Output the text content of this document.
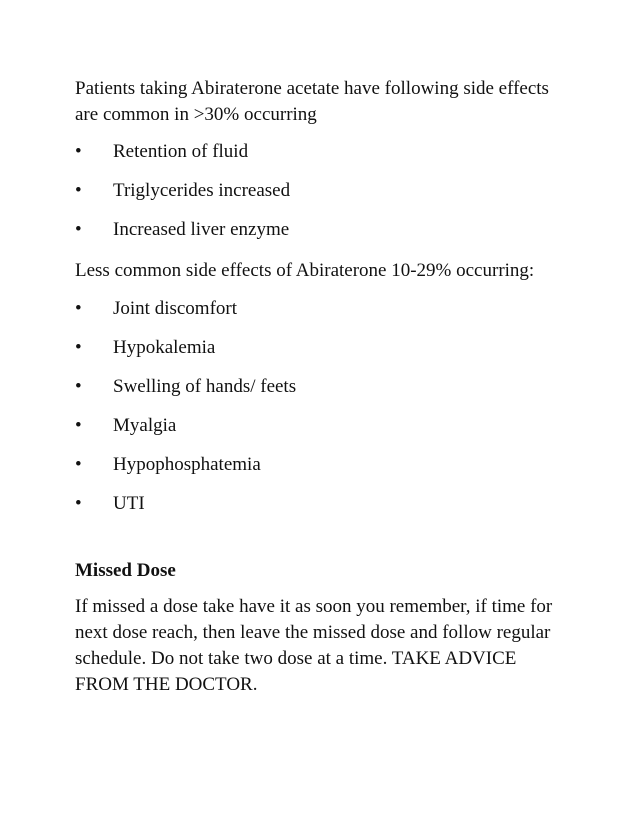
Patients taking Abiraterone acetate have following side effects are common in >30% occurring

•	Retention of fluid
•	Triglycerides increased
•	Increased liver enzyme

Less common side effects of Abiraterone 10-29% occurring:

•	Joint discomfort
•	Hypokalemia
•	Swelling of hands/ feets
•	Myalgia
•	Hypophosphatemia
•	UTI

Missed Dose

If missed a dose take have it as soon you remember, if time for next dose reach, then leave the missed dose and follow regular schedule. Do not take two dose at a time. TAKE ADVICE FROM THE DOCTOR.
